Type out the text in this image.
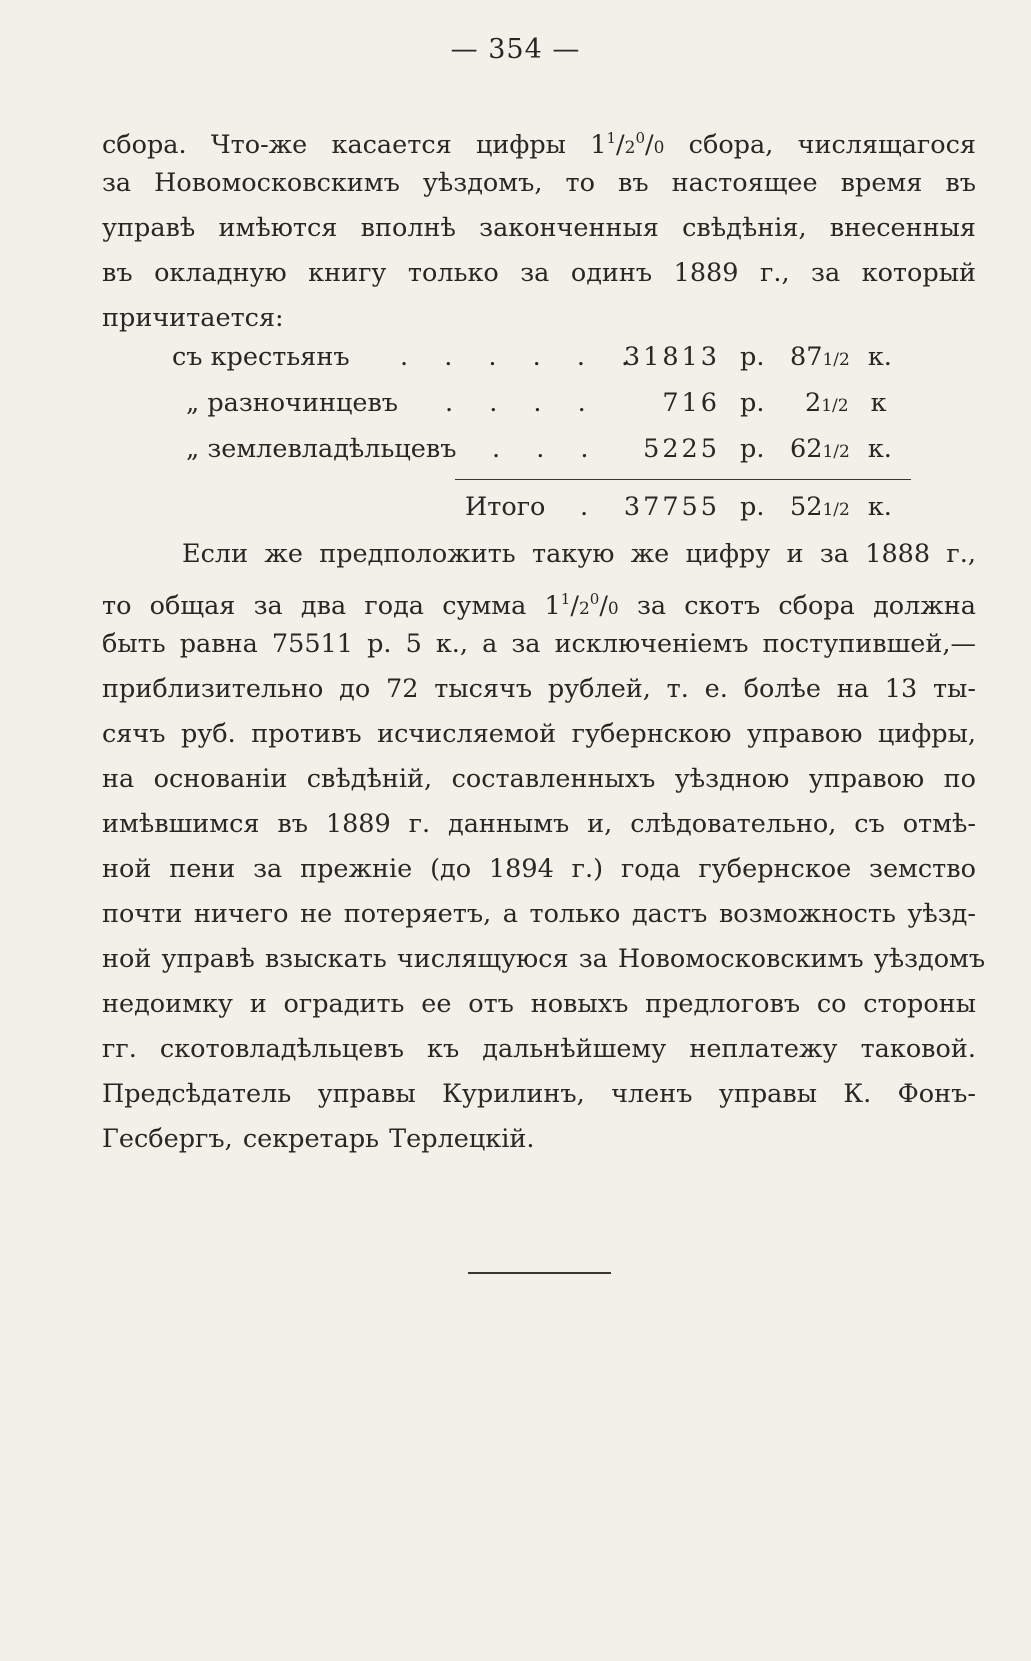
— 354 —
сбора. Что-же касается цифры $1^1/2^0/0$ сбора, числящагося
за Новомосковскимъ уѣздомъ, то въ настоящее время въ
управѣ имѣются вполнѣ законченныя свѣдѣнія, внесенныя
въ окладную книгу только за одинъ 1889 г., за который
причитается:
съ крестьянъ . . . . . .
31813 р. 871/2 к.
„ разночинцевъ . . . .	716 р. 21/2 к
„ землевладѣльцевъ . . .	5225 р. 621/2 к.
Итого . 37755 р. 521/2 к.
Если же предположить такую же цифру и за 1888 г.,
то общая за два года сумма $1^1/2^0/0$ за скотъ сбора должна
быть равна 75511 р. 5 к., а за исключеніемъ поступившей,—
приблизительно до 72 тысячъ рублей, т. е. болѣе на 13 ты-
сячъ руб. противъ исчисляемой губернскою управою цифры,
на основаніи свѣдѣній, составленныхъ уѣздною управою по
имѣвшимся въ 1889 г. даннымъ и, слѣдовательно, съ отмѣ-
ной пени за прежніе (до 1894 г.) года губернское земство
почти ничего не потеряетъ, а только дастъ возможность уѣзд-
ной управѣ взыскать числящуюся за Новомосковскимъ уѣздомъ
недоимку и оградить ее отъ новыхъ предлоговъ со стороны
гг. скотовладѣльцевъ къ дальнѣйшему неплатежу таковой.
Предсѣдатель управы Курилинъ, членъ управы К. Фонъ-
Гесбергъ, секретарь Терлецкій.
